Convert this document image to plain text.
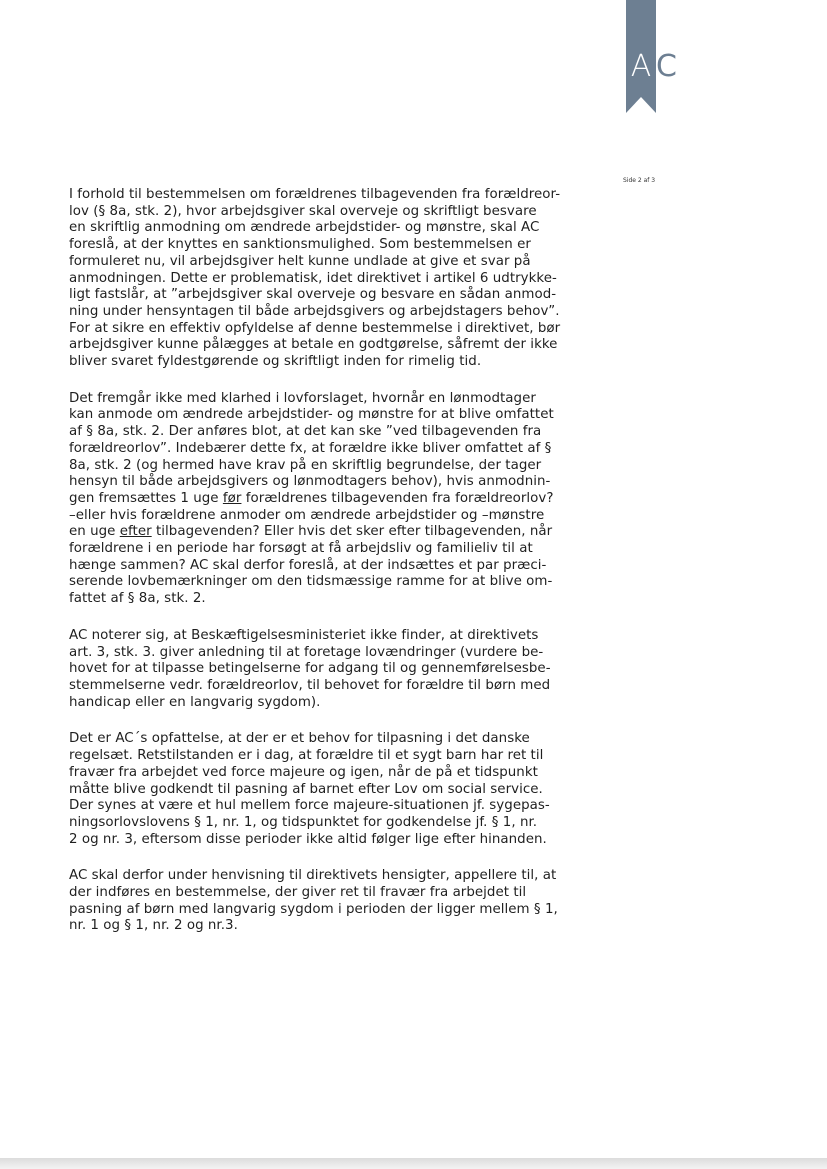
A C
Side 2 af 3

I forhold til bestemmelsen om forældrenes tilbagevenden fra forældreor-
lov (§ 8a, stk. 2), hvor arbejdsgiver skal overveje og skriftligt besvare
en skriftlig anmodning om ændrede arbejdstider- og mønstre, skal AC
foreslå, at der knyttes en sanktionsmulighed. Som bestemmelsen er
formuleret nu, vil arbejdsgiver helt kunne undlade at give et svar på
anmodningen. Dette er problematisk, idet direktivet i artikel 6 udtrykke-
ligt fastslår, at ”arbejdsgiver skal overveje og besvare en sådan anmod-
ning under hensyntagen til både arbejdsgivers og arbejdstagers behov”.
For at sikre en effektiv opfyldelse af denne bestemmelse i direktivet, bør
arbejdsgiver kunne pålægges at betale en godtgørelse, såfremt der ikke
bliver svaret fyldestgørende og skriftligt inden for rimelig tid.

Det fremgår ikke med klarhed i lovforslaget, hvornår en lønmodtager
kan anmode om ændrede arbejdstider- og mønstre for at blive omfattet
af § 8a, stk. 2. Der anføres blot, at det kan ske ”ved tilbagevenden fra
forældreorlov”. Indebærer dette fx, at forældre ikke bliver omfattet af §
8a, stk. 2 (og hermed have krav på en skriftlig begrundelse, der tager
hensyn til både arbejdsgivers og lønmodtagers behov), hvis anmodnin-
gen fremsættes 1 uge før forældrenes tilbagevenden fra forældreorlov?
–eller hvis forældrene anmoder om ændrede arbejdstider og –mønstre
en uge efter tilbagevenden? Eller hvis det sker efter tilbagevenden, når
forældrene i en periode har forsøgt at få arbejdsliv og familieliv til at
hænge sammen? AC skal derfor foreslå, at der indsættes et par præci-
serende lovbemærkninger om den tidsmæssige ramme for at blive om-
fattet af § 8a, stk. 2.

AC noterer sig, at Beskæftigelsesministeriet ikke finder, at direktivets
art. 3, stk. 3. giver anledning til at foretage lovændringer (vurdere be-
hovet for at tilpasse betingelserne for adgang til og gennemførelsesbe-
stemmelserne vedr. forældreorlov, til behovet for forældre til børn med
handicap eller en langvarig sygdom).

Det er AC´s opfattelse, at der er et behov for tilpasning i det danske
regelsæt. Retstilstanden er i dag, at forældre til et sygt barn har ret til
fravær fra arbejdet ved force majeure og igen, når de på et tidspunkt
måtte blive godkendt til pasning af barnet efter Lov om social service.
Der synes at være et hul mellem force majeure-situationen jf. sygepas-
ningsorlovslovens § 1, nr. 1, og tidspunktet for godkendelse jf. § 1, nr.
2 og nr. 3, eftersom disse perioder ikke altid følger lige efter hinanden.

AC skal derfor under henvisning til direktivets hensigter, appellere til, at
der indføres en bestemmelse, der giver ret til fravær fra arbejdet til
pasning af børn med langvarig sygdom i perioden der ligger mellem § 1,
nr. 1 og § 1, nr. 2 og nr.3.
